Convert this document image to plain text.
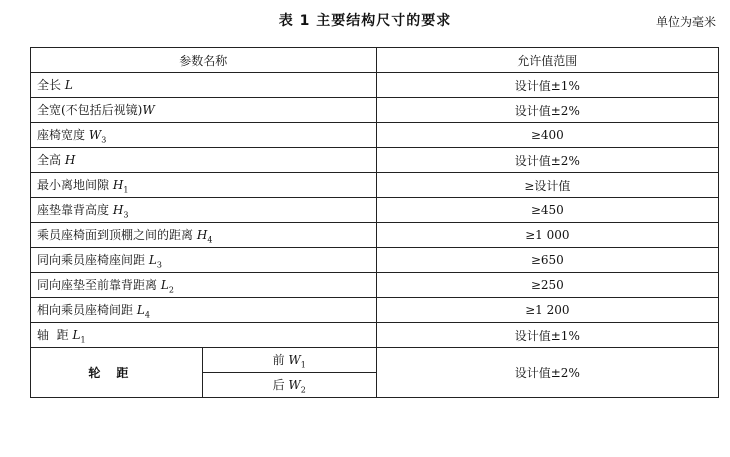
表 1 主要结构尺寸的要求	单位为毫米
参数名称		允许值范围
全长 L		设计值±1%
全宽(不包括后视镜)W		设计值±2%
座椅宽度 $W_3$		≥400
全高 H		设计值±2%
最小离地间隙 $H_1$		≥设计值
座垫靠背高度 $H_3$		≥450
乘员座椅面到顶棚之间的距离 $H_4$		≥1 000
同向乘员座椅座间距 $L_3$		≥650
同向座垫至前靠背距离 $L_2$		≥250
相向乘员座椅间距 $L_4$		≥1 200
轴  距 $L_1$		设计值±1%
轮距	前 $W_1$	设计值±2%
	后 $W_2$
